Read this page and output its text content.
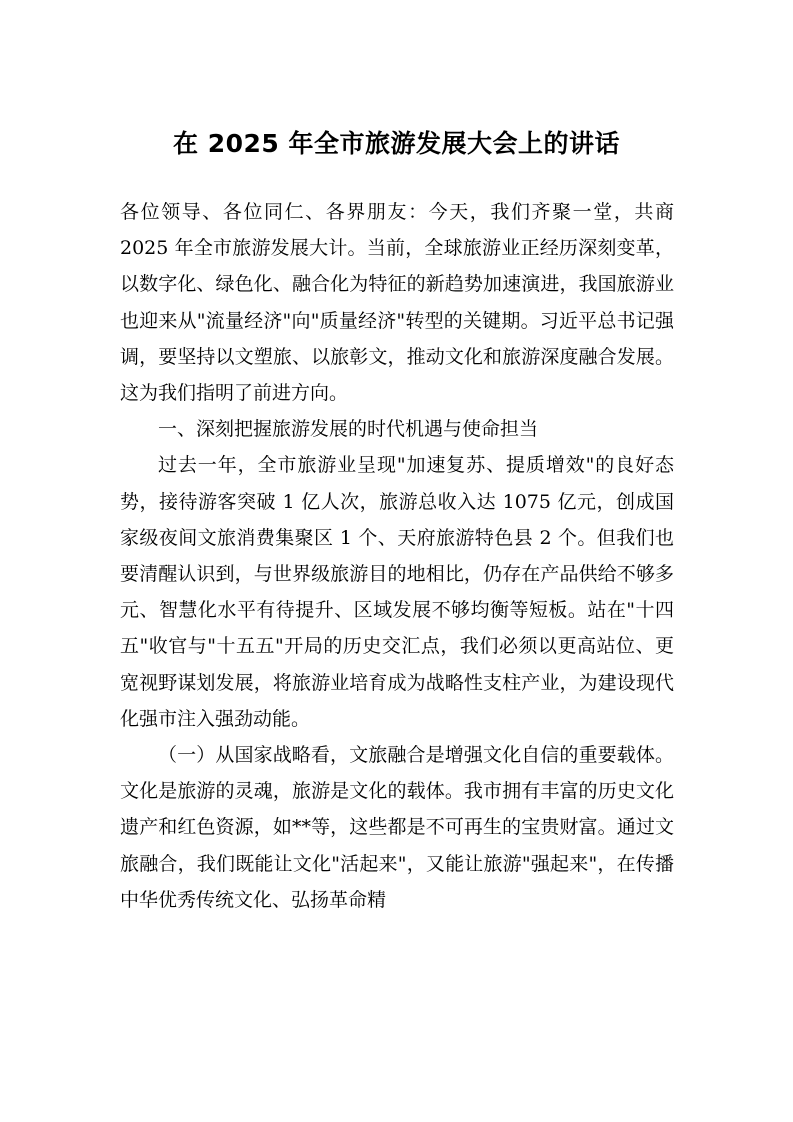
在 2025 年全市旅游发展大会上的讲话

各位领导、各位同仁、各界朋友：今天，我们齐聚一堂，共商 2025 年全市旅游发展大计。当前，全球旅游业正经历深刻变革，以数字化、绿色化、融合化为特征的新趋势加速演进，我国旅游业也迎来从"流量经济"向"质量经济"转型的关键期。习近平总书记强调，要坚持以文塑旅、以旅彰文，推动文化和旅游深度融合发展。这为我们指明了前进方向。

一、深刻把握旅游发展的时代机遇与使命担当

过去一年，全市旅游业呈现"加速复苏、提质增效"的良好态势，接待游客突破 1 亿人次，旅游总收入达 1075 亿元，创成国家级夜间文旅消费集聚区 1 个、天府旅游特色县 2 个。但我们也要清醒认识到，与世界级旅游目的地相比，仍存在产品供给不够多元、智慧化水平有待提升、区域发展不够均衡等短板。站在"十四五"收官与"十五五"开局的历史交汇点，我们必须以更高站位、更宽视野谋划发展，将旅游业培育成为战略性支柱产业，为建设现代化强市注入强劲动能。

（一）从国家战略看，文旅融合是增强文化自信的重要载体。文化是旅游的灵魂，旅游是文化的载体。我市拥有丰富的历史文化遗产和红色资源，如**等，这些都是不可再生的宝贵财富。通过文旅融合，我们既能让文化"活起来"，又能让旅游"强起来"，在传播中华优秀传统文化、弘扬革命精
